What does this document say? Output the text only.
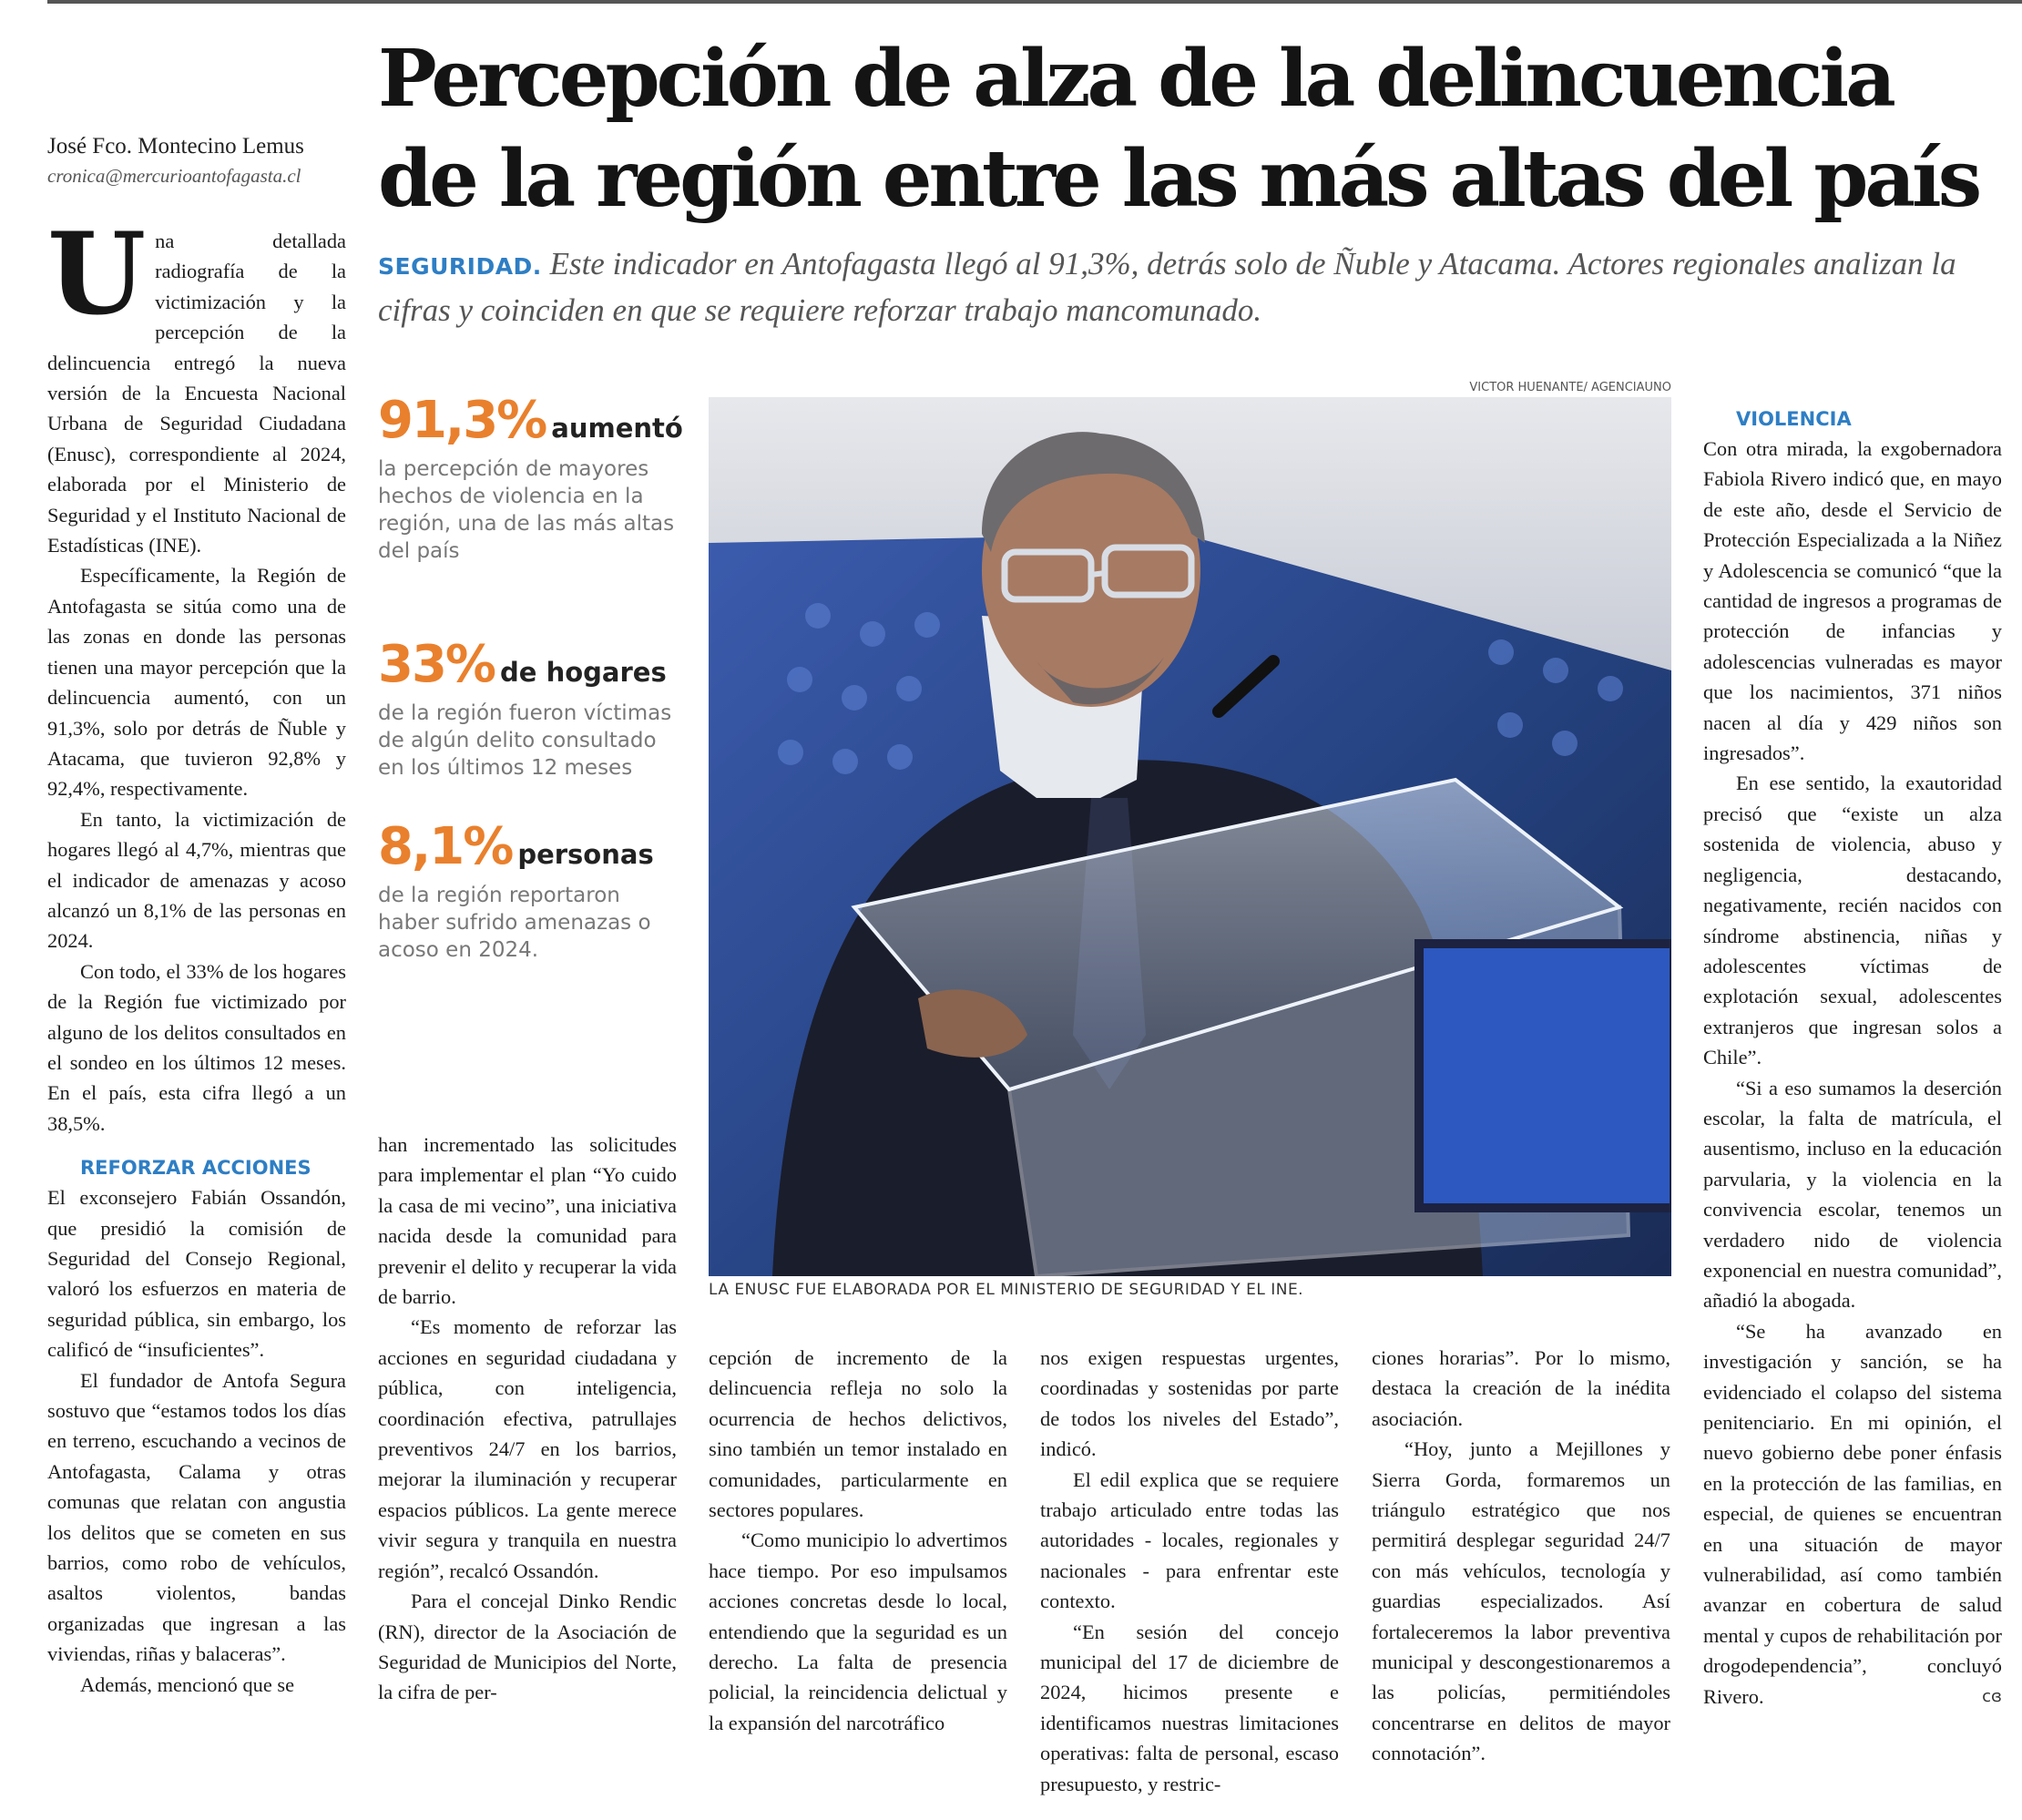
José Fco. Montecino Lemus
cronica@mercurioantofagasta.cl
Percepción de alza de la delincuencia de la región entre las más altas del país
SEGURIDAD. Este indicador en Antofagasta llegó al 91,3%, detrás solo de Ñuble y Atacama. Actores regionales analizan la cifras y coinciden en que se requiere reforzar trabajo mancomunado.

Una detallada radiografía de la victimización y la percepción de la delincuencia entregó la nueva versión de la Encuesta Nacional Urbana de Seguridad Ciudadana (Enusc), correspondiente al 2024, elaborada por el Ministerio de Seguridad y el Instituto Nacional de Estadísticas (INE).

Específicamente, la Región de Antofagasta se sitúa como una de las zonas en donde las personas tienen una mayor percepción que la delincuencia aumentó, con un 91,3%, solo por detrás de Ñuble y Atacama, que tuvieron 92,8% y 92,4%, respectivamente.

En tanto, la victimización de hogares llegó al 4,7%, mientras que el indicador de amenazas y acoso alcanzó un 8,1% de las personas en 2024.

Con todo, el 33% de los hogares de la Región fue victimizado por alguno de los delitos consultados en el sondeo en los últimos 12 meses. En el país, esta cifra llegó a un 38,5%.

REFORZAR ACCIONES

El exconsejero Fabián Ossandón, que presidió la comisión de Seguridad del Consejo Regional, valoró los esfuerzos en materia de seguridad pública, sin embargo, los calificó de “insuficientes”.

El fundador de Antofa Segura sostuvo que “estamos todos los días en terreno, escuchando a vecinos de Antofagasta, Calama y otras comunas que relatan con angustia los delitos que se cometen en sus barrios, como robo de vehículos, asaltos violentos, bandas organizadas que ingresan a las viviendas, riñas y balaceras”.

Además, mencionó que se

91,3% aumentó
la percepción de mayores hechos de violencia en la región, una de las más altas del país
33% de hogares
de la región fueron víctimas de algún delito consultado en los últimos 12 meses
8,1% personas
de la región reportaron haber sufrido amenazas o acoso en 2024.
VICTOR HUENANTE/ AGENCIAUNO
LA ENUSC FUE ELABORADA POR EL MINISTERIO DE SEGURIDAD Y EL INE.

han incrementado las solicitudes para implementar el plan “Yo cuido la casa de mi vecino”, una iniciativa nacida desde la comunidad para prevenir el delito y recuperar la vida de barrio.

“Es momento de reforzar las acciones en seguridad ciudadana y pública, con inteligencia, coordinación efectiva, patrullajes preventivos 24/7 en los barrios, mejorar la iluminación y recuperar espacios públicos. La gente merece vivir segura y tranquila en nuestra región”, recalcó Ossandón.

Para el concejal Dinko Rendic (RN), director de la Asociación de Seguridad de Municipios del Norte, la cifra de per-

cepción de incremento de la delincuencia refleja no solo la ocurrencia de hechos delictivos, sino también un temor instalado en comunidades, particularmente en sectores populares.

“Como municipio lo advertimos hace tiempo. Por eso impulsamos acciones concretas desde lo local, entendiendo que la seguridad es un derecho. La falta de presencia policial, la reincidencia delictual y la expansión del narcotráfico

nos exigen respuestas urgentes, coordinadas y sostenidas por parte de todos los niveles del Estado”, indicó.

El edil explica que se requiere trabajo articulado entre todas las autoridades - locales, regionales y nacionales - para enfrentar este contexto.

“En sesión del concejo municipal del 17 de diciembre de 2024, hicimos presente e identificamos nuestras limitaciones operativas: falta de personal, escaso presupuesto, y restric-

ciones horarias”. Por lo mismo, destaca la creación de la inédita asociación.

“Hoy, junto a Mejillones y Sierra Gorda, formaremos un triángulo estratégico que nos permitirá desplegar seguridad 24/7 con más vehículos, tecnología y guardias especializados. Así fortaleceremos la labor preventiva municipal y descongestionaremos a las policías, permitiéndoles concentrarse en delitos de mayor connotación”.

VIOLENCIA

Con otra mirada, la exgobernadora Fabiola Rivero indicó que, en mayo de este año, desde el Servicio de Protección Especializada a la Niñez y Adolescencia se comunicó “que la cantidad de ingresos a programas de protección de infancias y adolescencias vulneradas es mayor que los nacimientos, 371 niños nacen al día y 429 niños son ingresados”.

En ese sentido, la exautoridad precisó que “existe un alza sostenida de violencia, abuso y negligencia, destacando, negativamente, recién nacidos con síndrome abstinencia, niñas y adolescentes víctimas de explotación sexual, adolescentes extranjeros que ingresan solos a Chile”.

“Si a eso sumamos la deserción escolar, la falta de matrícula, el ausentismo, incluso en la educación parvularia, y la violencia en la convivencia escolar, tenemos un verdadero nido de violencia exponencial en nuestra comunidad”, añadió la abogada.

“Se ha avanzado en investigación y sanción, se ha evidenciado el colapso del sistema penitenciario. En mi opinión, el nuevo gobierno debe poner énfasis en la protección de las familias, en especial, de quienes se encuentran en una situación de mayor vulnerabilidad, así como también avanzar en cobertura de salud mental y cupos de rehabilitación por drogodependencia”, concluyó Rivero.	cɞ
